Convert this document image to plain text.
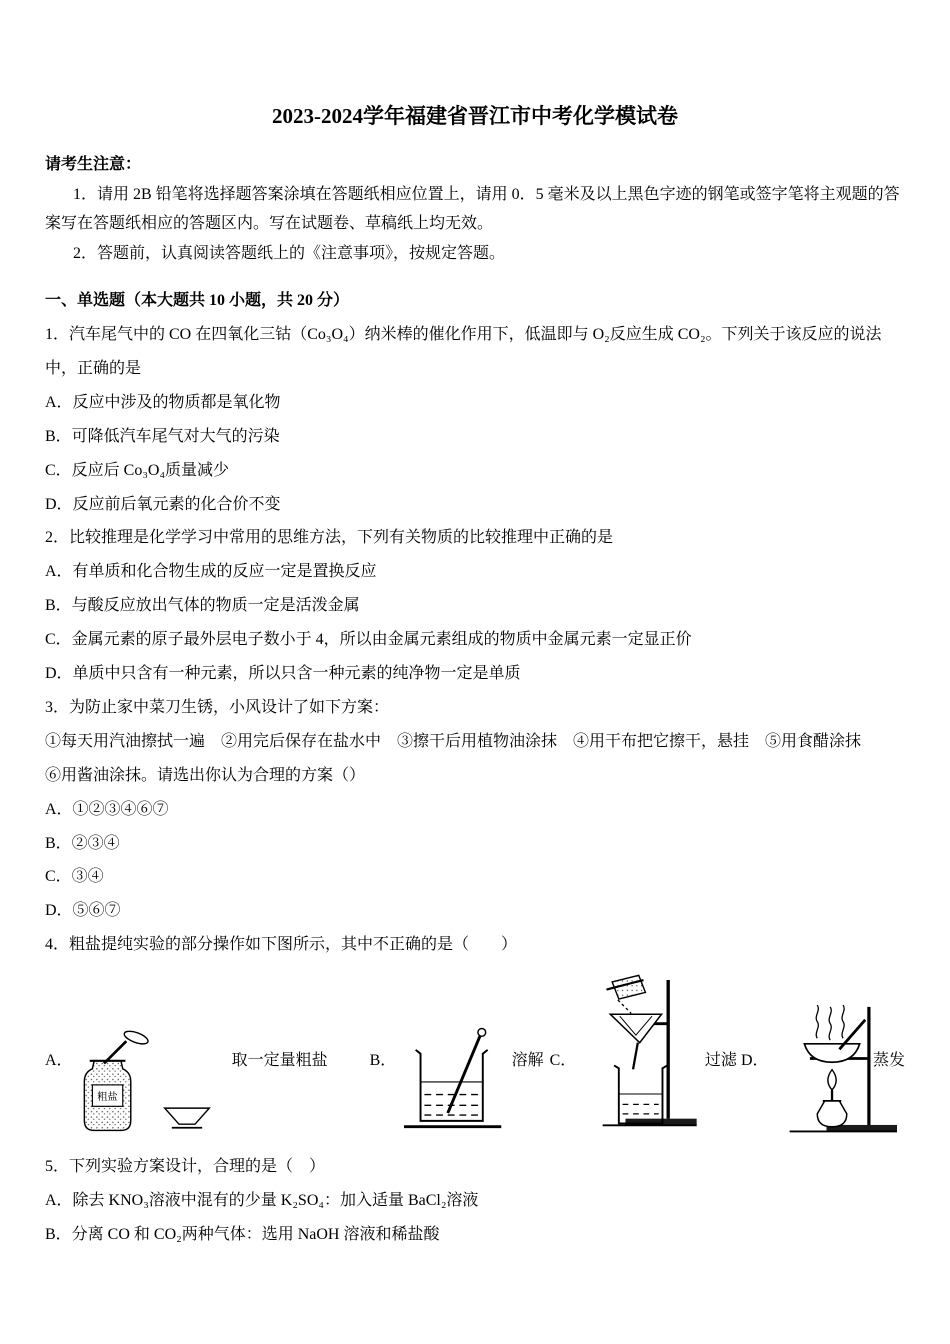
2023-2024学年福建省晋江市中考化学模试卷
请考生注意：
1．请用 2B 铅笔将选择题答案涂填在答题纸相应位置上，请用 0．5 毫米及以上黑色字迹的钢笔或签字笔将主观题的答案写在答题纸相应的答题区内。写在试题卷、草稿纸上均无效。
2．答题前，认真阅读答题纸上的《注意事项》，按规定答题。
一、单选题（本大题共 10 小题，共 20 分）
1．汽车尾气中的 CO 在四氧化三钴（Co₃O₄）纳米棒的催化作用下，低温即与 O₂反应生成 CO₂。下列关于该反应的说法中，正确的是
A．反应中涉及的物质都是氧化物
B．可降低汽车尾气对大气的污染
C．反应后 Co₃O₄质量减少
D．反应前后氧元素的化合价不变
2．比较推理是化学学习中常用的思维方法，下列有关物质的比较推理中正确的是
A．有单质和化合物生成的反应一定是置换反应
B．与酸反应放出气体的物质一定是活泼金属
C．金属元素的原子最外层电子数小于 4，所以由金属元素组成的物质中金属元素一定显正价
D．单质中只含有一种元素，所以只含一种元素的纯净物一定是单质
3．为防止家中菜刀生锈，小风设计了如下方案：
①每天用汽油擦拭一遍　②用完后保存在盐水中　③擦干后用植物油涂抹　④用干布把它擦干，悬挂　⑤用食醋涂抹
⑥用酱油涂抹。请选出你认为合理的方案（）
A．①②③④⑥⑦
B．②③④
C．③④
D．⑤⑥⑦
4．粗盐提纯实验的部分操作如下图所示，其中不正确的是（　　）
A．
粗盐
取一定量粗盐	B．	溶解 C．	过滤 D．	蒸发
5．下列实验方案设计，合理的是（　）
A．除去 KNO₃溶液中混有的少量 K₂SO₄：加入适量 BaCl₂溶液
B．分离 CO 和 CO₂两种气体：选用 NaOH 溶液和稀盐酸
